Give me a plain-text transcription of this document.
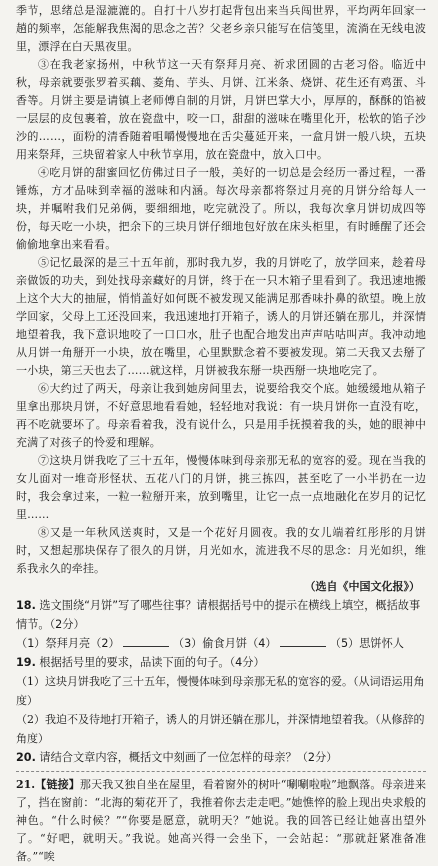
季节，思绪总是湿漉漉的。自打十八岁打起背包出来当兵闯世界，平均两年回家一趟的频率，怎能解我焦渴的思念之苦？父老乡亲只能写在信笺里，流淌在无线电波里，漂浮在白天黑夜里。

③在我老家扬州，中秋节这一天有祭拜月亮、祈求团圆的古老习俗。临近中秋，母亲就要张罗着买藕、菱角、芋头、月饼、江米条、烧饼、花生还有鸡蛋、斗香等。月饼主要是请镇上老师傅自制的月饼，月饼巴掌大小，厚厚的，酥酥的馅被一层层的皮包裹着，放在瓷盘中，咬一口，甜甜的滋味在嘴里化开，松软的馅子沙沙的……，面粉的清香随着咀嚼慢慢地在舌尖蔓延开来，一盒月饼一般八块，五块用来祭拜，三块留着家人中秋节享用，放在瓷盘中，放入口中。

④吃月饼的甜蜜回忆仿佛过日子一般，美好的一切总是会经历一番过程，一番锤炼，方才品味到幸福的滋味和内涵。每次母亲都将祭过月亮的月饼分给每人一块，并嘱咐我们兄弟俩，要细细地，吃完就没了。所以，我每次拿月饼切成四等份，每天吃一小块，把余下的三块月饼仔细地包好放在床头柜里，有时睡醒了还会偷偷地拿出来看看。

⑤记忆最深的是三十五年前，那时我九岁，我的月饼吃了，放学回来，趁着母亲做饭的功夫，到处找母亲藏好的月饼，终于在一只木箱子里看到了。我迅速地搬上这个大大的抽屉，悄悄盖好如何既不被发现又能满足那香味扑鼻的欲望。晚上放学回家，父母上工还没回来，我迅速地打开箱子，诱人的月饼还躺在那儿，并深情地望着我，我下意识地咬了一口口水，肚子也配合地发出声声咕咕叫声。我冲动地从月饼一角掰开一小块，放在嘴里，心里默默念着不要被发现。第二天我又去掰了一小块，第三天也去了……就这样，月饼被我东掰一块西掰一块地吃完了。

⑥大约过了两天，母亲让我到她房间里去，说要给我交个底。她缓缓地从箱子里拿出那块月饼，不好意思地看看她，轻轻地对我说：有一块月饼你一直没有吃，再不吃就要坏了。母亲看着我，没有说什么，只是用手抚摸着我的头，她的眼神中充满了对孩子的怜爱和理解。

⑦这块月饼我吃了三十五年，慢慢体味到母亲那无私的宽容的爱。现在当我的女儿面对一堆奇形怪状、五花八门的月饼，挑三拣四，甚至吃了一小半扔在一边时，我会拿过来，一粒一粒掰开来，放到嘴里，让它一点一点地融化在岁月的记忆里……

⑧又是一年秋风送爽时，又是一个花好月圆夜。我的女儿端着红彤彤的月饼时，又想起那块保存了很久的月饼，月光如水，流进我不尽的思念：月光如织，维系我永久的牵挂。

（选自《中国文化报》）

18. 选文围绕“月饼”写了哪些往事？请根据括号中的提示在横线上填空，概括故事情节。（2分）

（1）祭拜月亮（2）	（3）偷食月饼（4）	（5）思饼怀人

19. 根据括号里的要求，品读下面的句子。（4分）

（1）这块月饼我吃了三十五年，慢慢体味到母亲那无私的宽容的爱。（从词语运用角度）

（2）我迫不及待地打开箱子，诱人的月饼还躺在那儿，并深情地望着我。（从修辞的角度）

20. 请结合文章内容，概括文中刻画了一位怎样的母亲？（2分）

21.【链接】那天我又独自坐在屋里，看着窗外的树叶“唰唰啦啦”地飘落。母亲进来了，挡在窗前：“北海的菊花开了，我推着你去走走吧。”她憔悴的脸上现出央求般的神色。“什么时候？”“你要是愿意，就明天？”她说。我的回答已经让她喜出望外了。“好吧，就明天。”我说。她高兴得一会坐下，一会站起：“那就赶紧准备准备。”“唉
